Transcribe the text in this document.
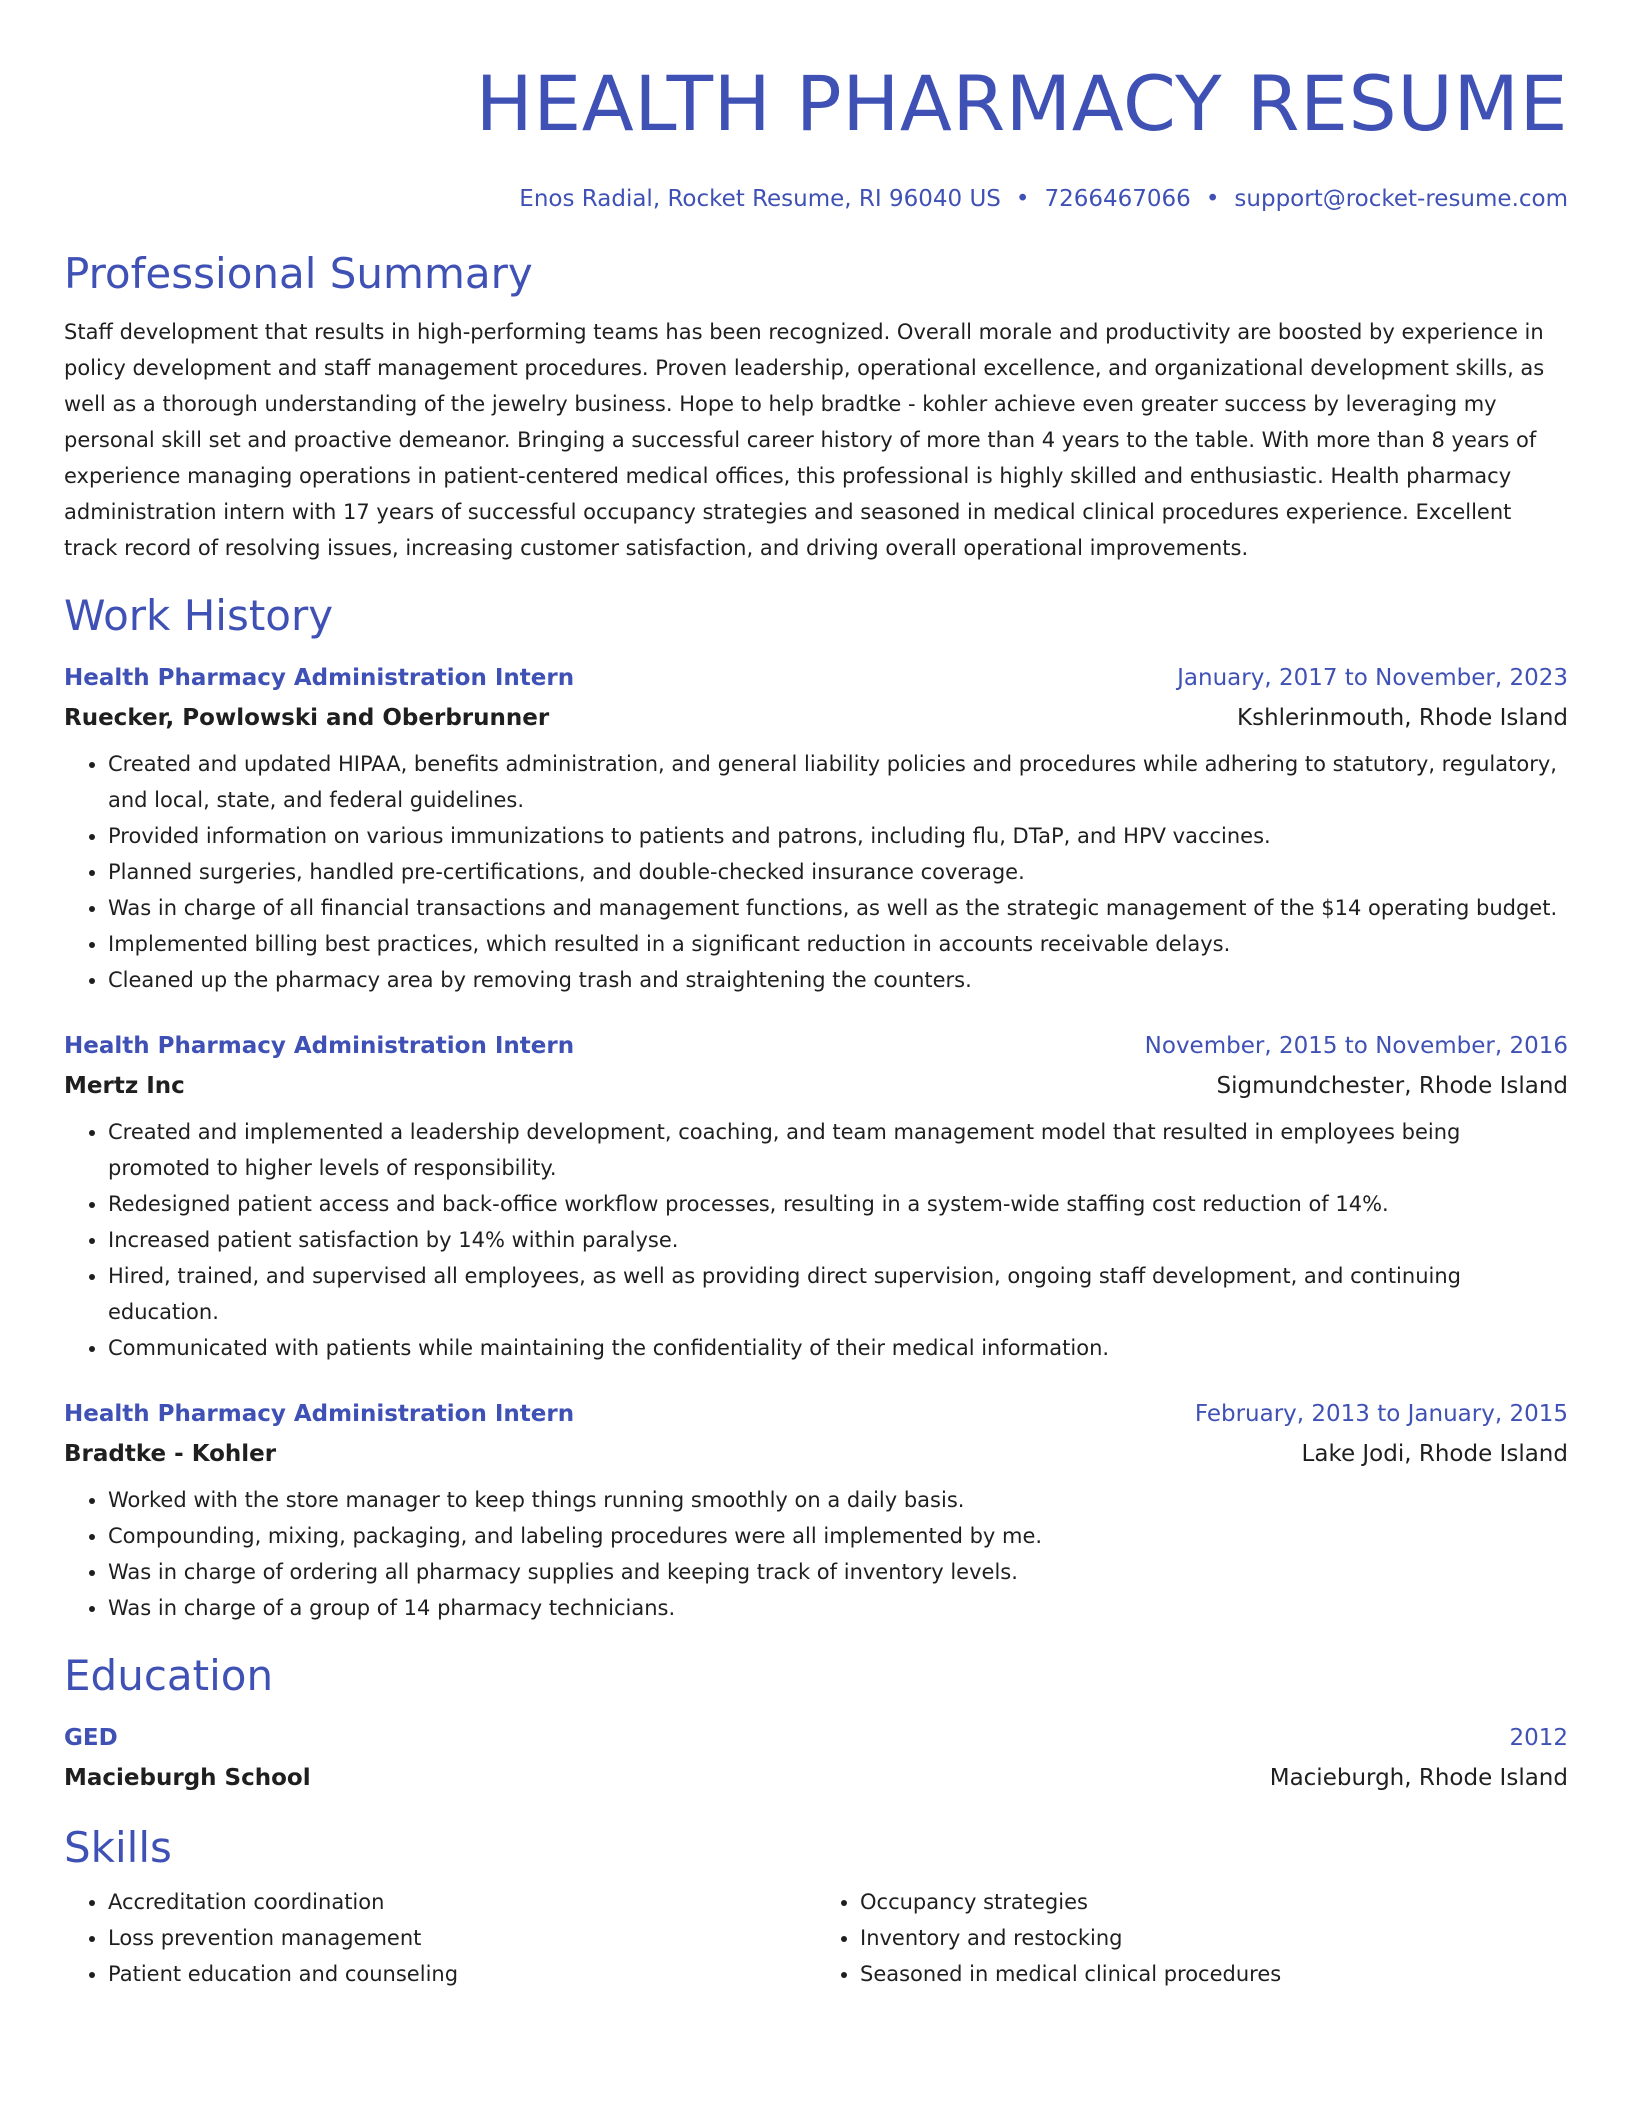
HEALTH PHARMACY RESUME
Enos Radial, Rocket Resume, RI 96040 US • 7266467066 • support@rocket-resume.com
Professional Summary
Staff development that results in high-performing teams has been recognized. Overall morale and productivity are boosted by experience in policy development and staff management procedures. Proven leadership, operational excellence, and organizational development skills, as well as a thorough understanding of the jewelry business. Hope to help bradtke - kohler achieve even greater success by leveraging my personal skill set and proactive demeanor. Bringing a successful career history of more than 4 years to the table. With more than 8 years of experience managing operations in patient-centered medical offices, this professional is highly skilled and enthusiastic. Health pharmacy administration intern with 17 years of successful occupancy strategies and seasoned in medical clinical procedures experience. Excellent track record of resolving issues, increasing customer satisfaction, and driving overall operational improvements.
Work History
Health Pharmacy Administration Intern	January, 2017 to November, 2023
Ruecker, Powlowski and Oberbrunner	Kshlerinmouth, Rhode Island
• Created and updated HIPAA, benefits administration, and general liability policies and procedures while adhering to statutory, regulatory, and local, state, and federal guidelines.
• Provided information on various immunizations to patients and patrons, including flu, DTaP, and HPV vaccines.
• Planned surgeries, handled pre-certifications, and double-checked insurance coverage.
• Was in charge of all financial transactions and management functions, as well as the strategic management of the $14 operating budget.
• Implemented billing best practices, which resulted in a significant reduction in accounts receivable delays.
• Cleaned up the pharmacy area by removing trash and straightening the counters.
Health Pharmacy Administration Intern	November, 2015 to November, 2016
Mertz Inc	Sigmundchester, Rhode Island
• Created and implemented a leadership development, coaching, and team management model that resulted in employees being promoted to higher levels of responsibility.
• Redesigned patient access and back-office workflow processes, resulting in a system-wide staffing cost reduction of 14%.
• Increased patient satisfaction by 14% within paralyse.
• Hired, trained, and supervised all employees, as well as providing direct supervision, ongoing staff development, and continuing education.
• Communicated with patients while maintaining the confidentiality of their medical information.
Health Pharmacy Administration Intern	February, 2013 to January, 2015
Bradtke - Kohler	Lake Jodi, Rhode Island
• Worked with the store manager to keep things running smoothly on a daily basis.
• Compounding, mixing, packaging, and labeling procedures were all implemented by me.
• Was in charge of ordering all pharmacy supplies and keeping track of inventory levels.
• Was in charge of a group of 14 pharmacy technicians.
Education
GED	2012
Macieburgh School	Macieburgh, Rhode Island
Skills
• Accreditation coordination
• Loss prevention management
• Patient education and counseling
• Occupancy strategies
• Inventory and restocking
• Seasoned in medical clinical procedures
